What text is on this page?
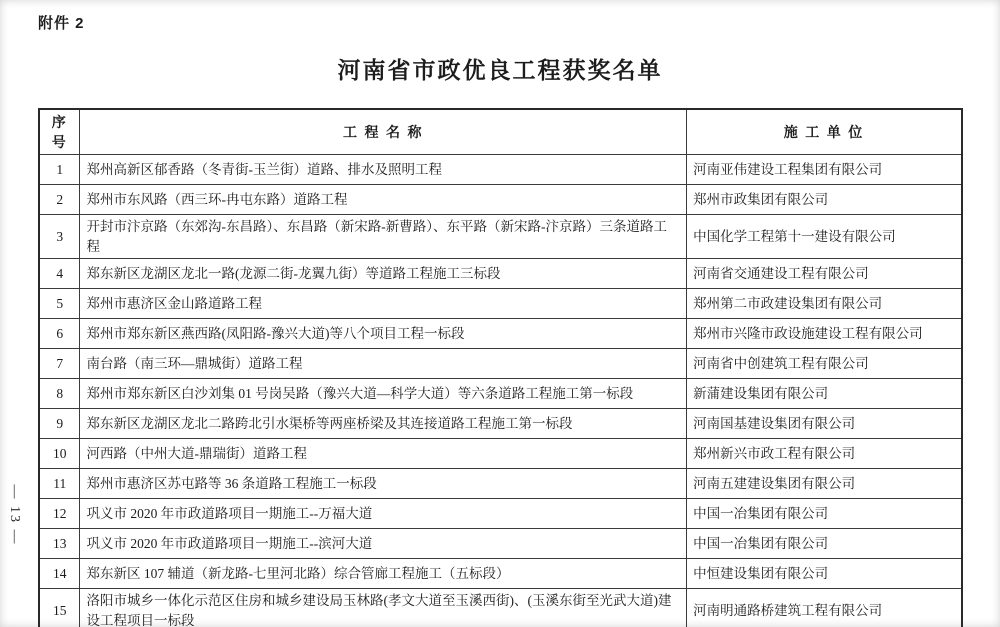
附件 2
河南省市政优良工程获奖名单
序号	工 程 名 称	施 工 单 位
1	郑州高新区郁香路（冬青街-玉兰街）道路、排水及照明工程	河南亚伟建设工程集团有限公司
2	郑州市东风路（西三环-冉屯东路）道路工程	郑州市政集团有限公司
3	开封市汴京路（东郊沟-东昌路）、东昌路（新宋路-新曹路）、东平路（新宋路-汴京路）三条道路工程	中国化学工程第十一建设有限公司
4	郑东新区龙湖区龙北一路(龙源二街-龙翼九街）等道路工程施工三标段	河南省交通建设工程有限公司
5	郑州市惠济区金山路道路工程	郑州第二市政建设集团有限公司
6	郑州市郑东新区燕西路(凤阳路-豫兴大道)等八个项目工程一标段	郑州市兴隆市政设施建设工程有限公司
7	南台路（南三环—鼎城街）道路工程	河南省中创建筑工程有限公司
8	郑州市郑东新区白沙刘集 01 号岗吴路（豫兴大道—科学大道）等六条道路工程施工第一标段	新蒲建设集团有限公司
9	郑东新区龙湖区龙北二路跨北引水渠桥等两座桥梁及其连接道路工程施工第一标段	河南国基建设集团有限公司
10	河西路（中州大道-鼎瑞街）道路工程	郑州新兴市政工程有限公司
11	郑州市惠济区苏屯路等 36 条道路工程施工一标段	河南五建建设集团有限公司
12	巩义市 2020 年市政道路项目一期施工--万福大道	中国一冶集团有限公司
13	巩义市 2020 年市政道路项目一期施工--滨河大道	中国一冶集团有限公司
14	郑东新区 107 辅道（新龙路-七里河北路）综合管廊工程施工（五标段）	中恒建设集团有限公司
15	洛阳市城乡一体化示范区住房和城乡建设局玉林路(孝文大道至玉溪西街)、(玉溪东街至光武大道)建设工程项目一标段	河南明通路桥建筑工程有限公司
— 13 —
